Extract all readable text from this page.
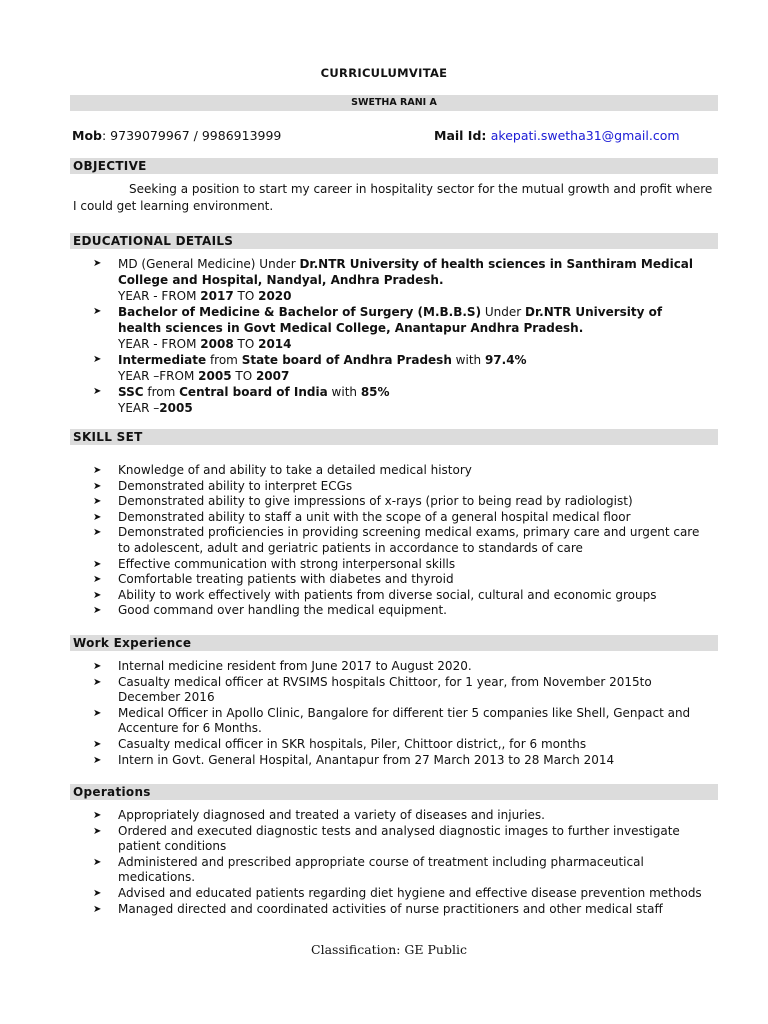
CURRICULUMVITAE
SWETHA RANI A
Mob: 9739079967 / 9986913999	Mail Id: akepati.swetha31@gmail.com
OBJECTIVE
Seeking a position to start my career in hospitality sector for the mutual growth and profit where I could get learning environment.
EDUCATIONAL DETAILS
➤ MD (General Medicine) Under Dr.NTR University of health sciences in Santhiram Medical College and Hospital, Nandyal, Andhra Pradesh.
YEAR - FROM 2017 TO 2020
➤ Bachelor of Medicine & Bachelor of Surgery (M.B.B.S) Under Dr.NTR University of health sciences in Govt Medical College, Anantapur Andhra Pradesh.
YEAR - FROM 2008 TO 2014
➤ Intermediate from State board of Andhra Pradesh with 97.4%
YEAR –FROM 2005 TO 2007
➤ SSC from Central board of India with 85%
YEAR –2005
SKILL SET
➤ Knowledge of and ability to take a detailed medical history
➤ Demonstrated ability to interpret ECGs
➤ Demonstrated ability to give impressions of x-rays (prior to being read by radiologist)
➤ Demonstrated ability to staff a unit with the scope of a general hospital medical floor
➤ Demonstrated proficiencies in providing screening medical exams, primary care and urgent care to adolescent, adult and geriatric patients in accordance to standards of care
➤ Effective communication with strong interpersonal skills
➤ Comfortable treating patients with diabetes and thyroid
➤ Ability to work effectively with patients from diverse social, cultural and economic groups
➤ Good command over handling the medical equipment.
Work Experience
➤ Internal medicine resident from June 2017 to August 2020.
➤ Casualty medical officer at RVSIMS hospitals Chittoor, for 1 year, from November 2015to December 2016
➤ Medical Officer in Apollo Clinic, Bangalore for different tier 5 companies like Shell, Genpact and Accenture for 6 Months.
➤ Casualty medical officer in SKR hospitals, Piler, Chittoor district,, for 6 months
➤ Intern in Govt. General Hospital, Anantapur from 27 March 2013 to 28 March 2014
Operations
➤ Appropriately diagnosed and treated a variety of diseases and injuries.
➤ Ordered and executed diagnostic tests and analysed diagnostic images to further investigate patient conditions
➤ Administered and prescribed appropriate course of treatment including pharmaceutical medications.
➤ Advised and educated patients regarding diet hygiene and effective disease prevention methods
➤ Managed directed and coordinated activities of nurse practitioners and other medical staff
Classification: GE Public
